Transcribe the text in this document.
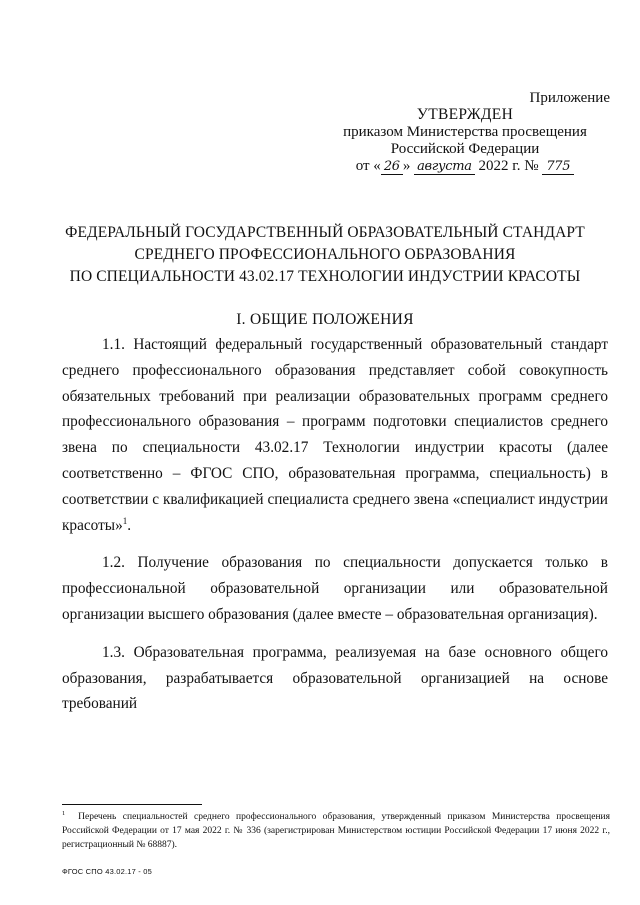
Приложение
УТВЕРЖДЕН
приказом Министерства просвещения
Российской Федерации
от « 26 » августа 2022 г. № 775
ФЕДЕРАЛЬНЫЙ ГОСУДАРСТВЕННЫЙ ОБРАЗОВАТЕЛЬНЫЙ СТАНДАРТ
СРЕДНЕГО ПРОФЕССИОНАЛЬНОГО ОБРАЗОВАНИЯ
ПО СПЕЦИАЛЬНОСТИ 43.02.17 ТЕХНОЛОГИИ ИНДУСТРИИ КРАСОТЫ
I. ОБЩИЕ ПОЛОЖЕНИЯ

1.1. Настоящий федеральный государственный образовательный стандарт среднего профессионального образования представляет собой совокупность обязательных требований при реализации образовательных программ среднего профессионального образования – программ подготовки специалистов среднего звена по специальности 43.02.17 Технологии индустрии красоты (далее соответственно – ФГОС СПО, образовательная программа, специальность) в соответствии с квалификацией специалиста среднего звена «специалист индустрии красоты»$^1$.

1.2. Получение образования по специальности допускается только в профессиональной образовательной организации или образовательной организации высшего образования (далее вместе – образовательная организация).

1.3. Образовательная программа, реализуемая на базе основного общего образования, разрабатывается образовательной организацией на основе требований

$^1$ Перечень специальностей среднего профессионального образования, утвержденный приказом Министерства просвещения Российской Федерации от 17 мая 2022 г. № 336 (зарегистрирован Министерством юстиции Российской Федерации 17 июня 2022 г., регистрационный № 68887).
ФГОС СПО 43.02.17 - 05
